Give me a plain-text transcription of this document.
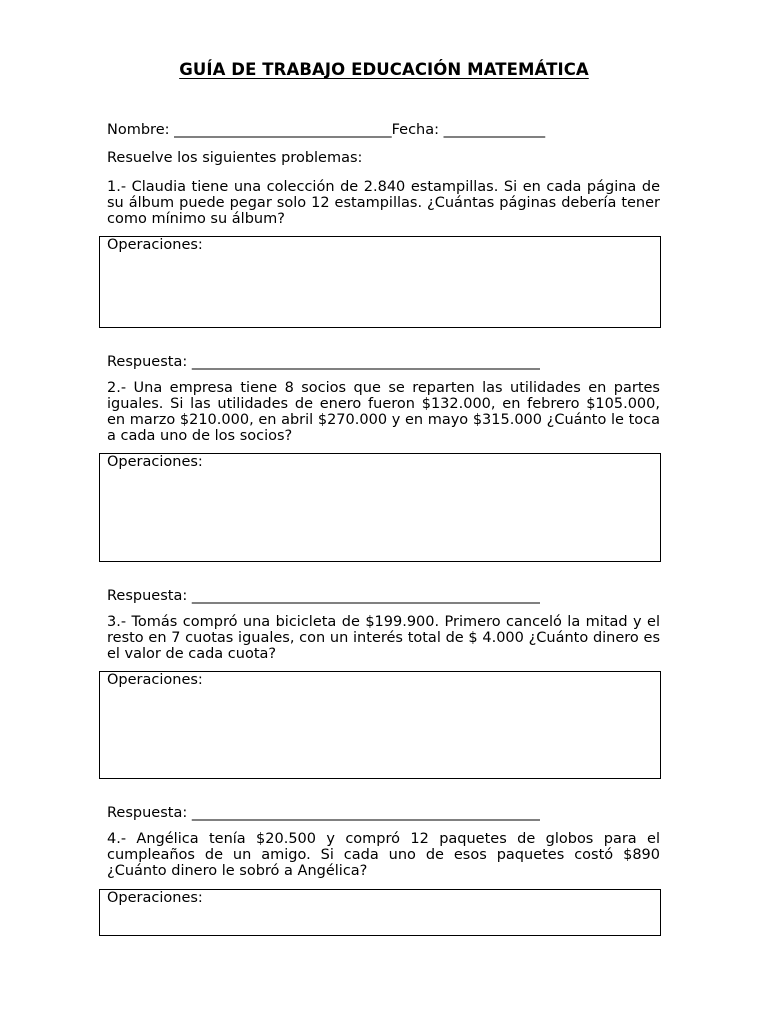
GUÍA DE TRABAJO EDUCACIÓN MATEMÁTICA
Nombre: ______________________________Fecha: ______________
Resuelve los siguientes problemas:
1.- Claudia tiene una colección de 2.840 estampillas. Si en cada página de su álbum puede pegar solo 12 estampillas. ¿Cuántas páginas debería tener como mínimo su álbum?
Operaciones:
Respuesta: ________________________________________________
2.- Una empresa tiene 8 socios que se reparten las utilidades en partes iguales. Si las utilidades de enero fueron $132.000, en febrero $105.000, en marzo $210.000, en abril $270.000 y en mayo $315.000 ¿Cuánto le toca a cada uno de los socios?
Operaciones:
Respuesta: ________________________________________________
3.- Tomás compró una bicicleta de $199.900. Primero canceló la mitad y el resto en 7 cuotas iguales, con un interés total de $ 4.000 ¿Cuánto dinero es el valor de cada cuota?
Operaciones:
Respuesta: ________________________________________________
4.- Angélica tenía $20.500 y compró 12 paquetes de globos para el cumpleaños de un amigo. Si cada uno de esos paquetes costó $890 ¿Cuánto dinero le sobró a Angélica?
Operaciones:
